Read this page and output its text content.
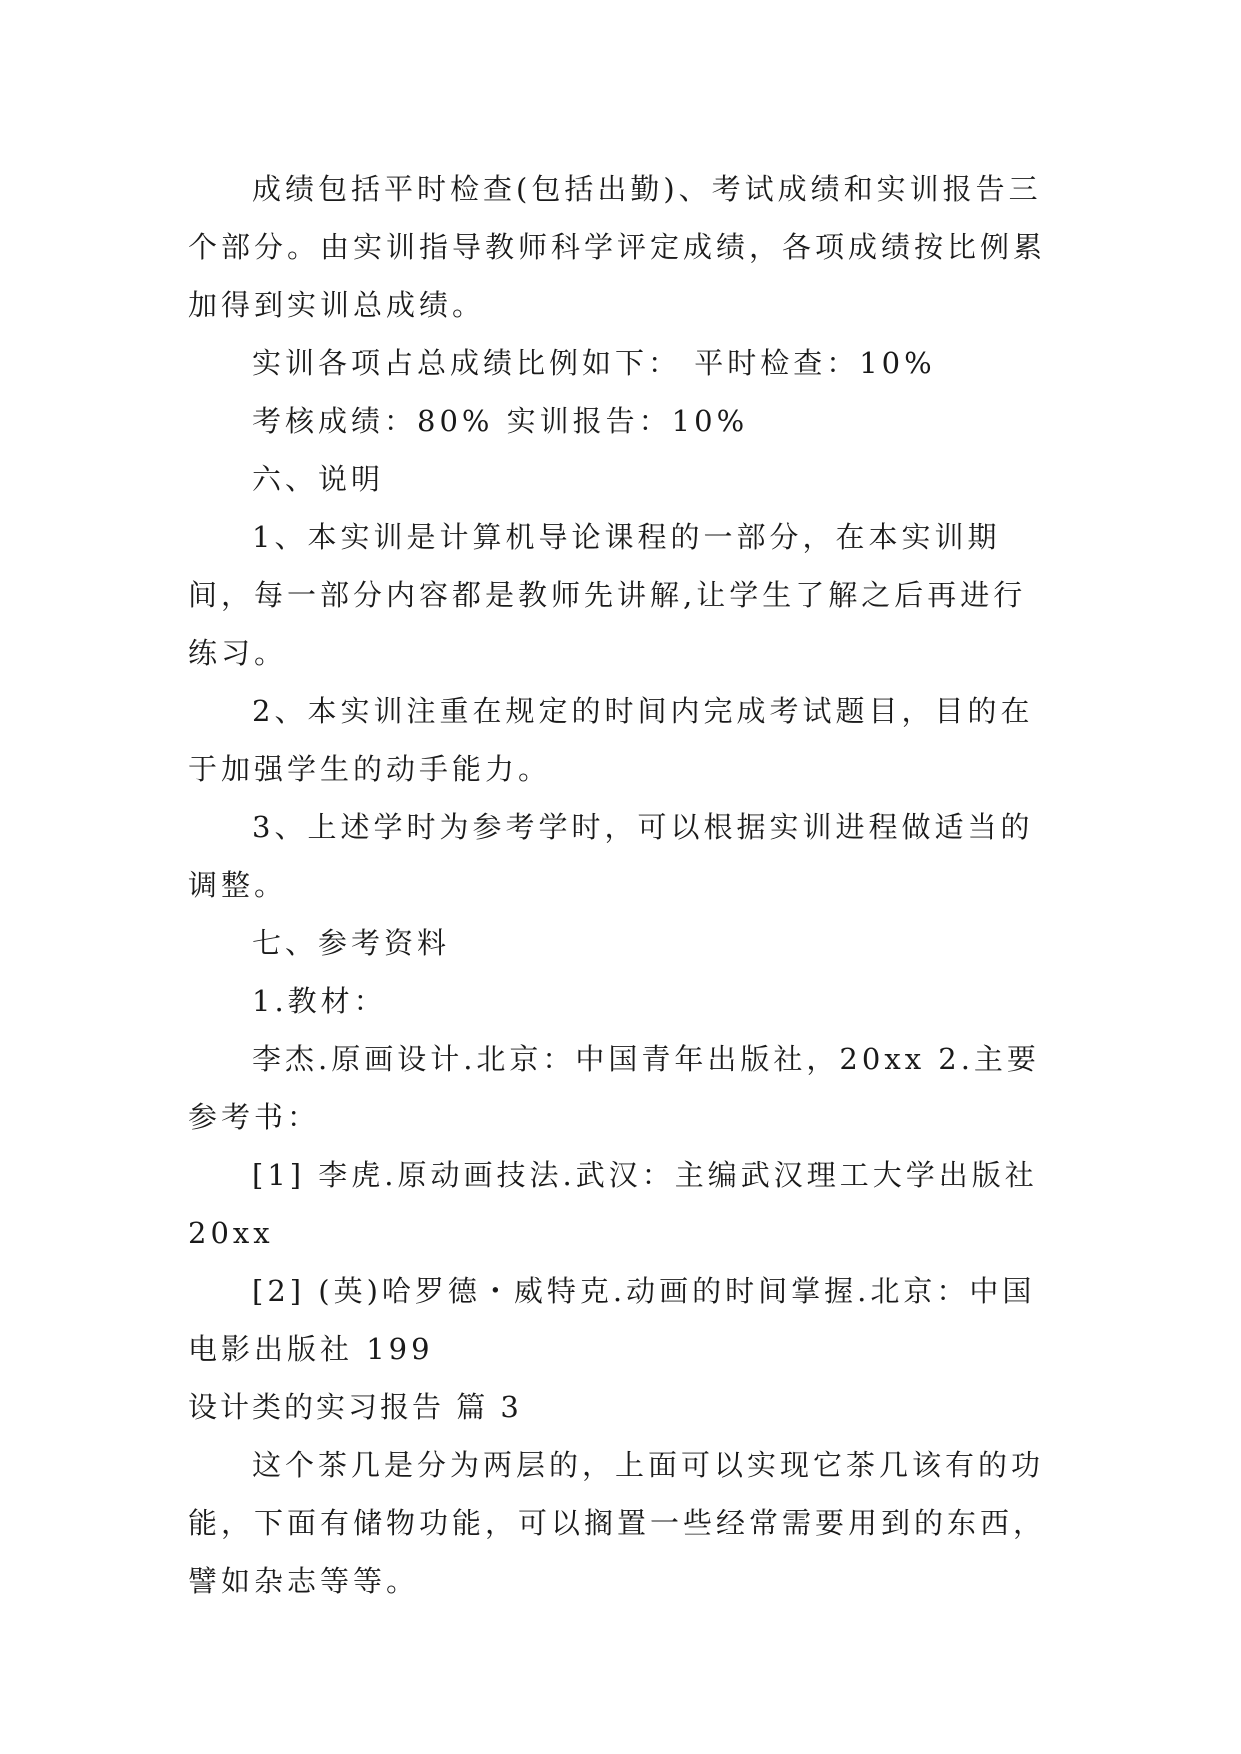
成绩包括平时检查(包括出勤)、考试成绩和实训报告三个部分。由实训指导教师科学评定成绩，各项成绩按比例累加得到实训总成绩。

实训各项占总成绩比例如下： 平时检查：10%

考核成绩：80% 实训报告：10%

六、说明

1、本实训是计算机导论课程的一部分，在本实训期间，每一部分内容都是教师先讲解,让学生了解之后再进行练习。

2、本实训注重在规定的时间内完成考试题目，目的在于加强学生的动手能力。

3、上述学时为参考学时，可以根据实训进程做适当的调整。

七、参考资料

1.教材：

李杰.原画设计.北京：中国青年出版社，20xx 2.主要参考书：

[1] 李虎.原动画技法.武汉：主编武汉理工大学出版社20xx

[2] (英)哈罗德・威特克.动画的时间掌握.北京：中国电影出版社 199

设计类的实习报告 篇 3

这个茶几是分为两层的，上面可以实现它茶几该有的功能，下面有储物功能，可以搁置一些经常需要用到的东西，譬如杂志等等。
